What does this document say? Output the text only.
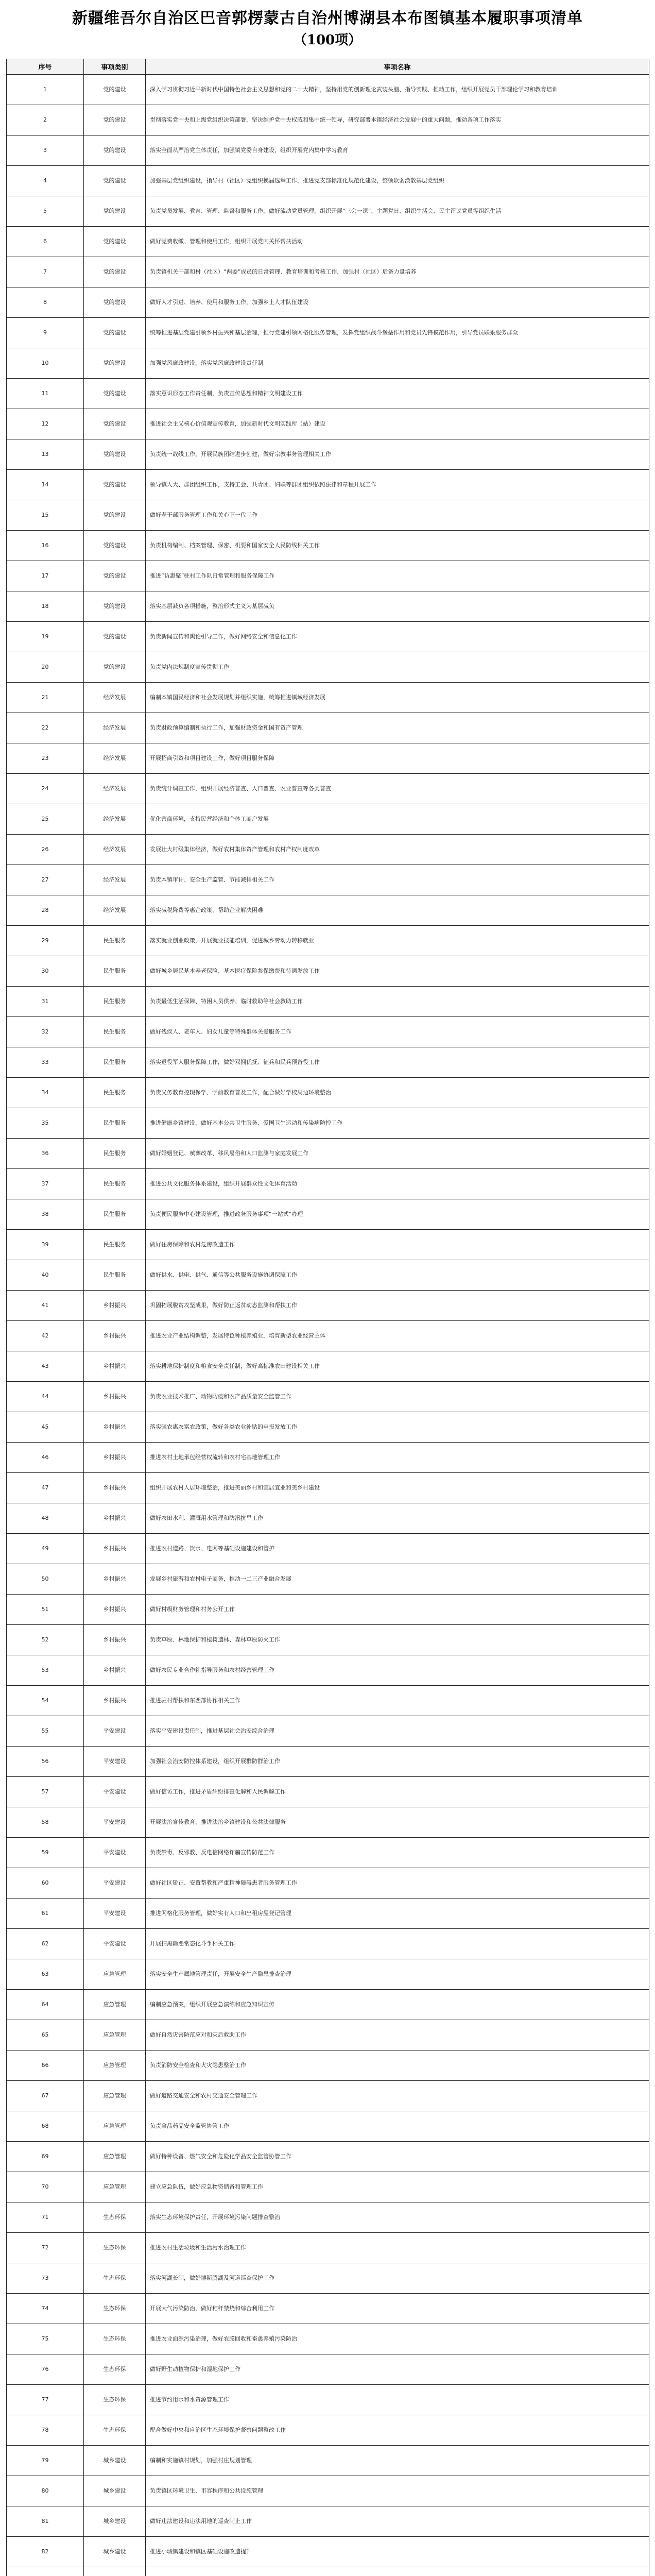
新疆维吾尔自治区巴音郭楞蒙古自治州博湖县本布图镇基本履职事项清单
（100项）
序号	事项类别	事项名称
1	党的建设	深入学习贯彻习近平新时代中国特色社会主义思想和党的二十大精神，坚持用党的创新理论武装头脑、指导实践、推动工作，组织开展党员干部理论学习和教育培训
2	党的建设	贯彻落实党中央和上级党组织决策部署，坚决维护党中央权威和集中统一领导，研究部署本镇经济社会发展中的重大问题，推动各项工作落实
3	党的建设	落实全面从严治党主体责任，加强镇党委自身建设，组织开展党内集中学习教育
4	党的建设	加强基层党组织建设，指导村（社区）党组织换届选举工作，推进党支部标准化规范化建设，整顿软弱涣散基层党组织
5	党的建设	负责党员发展、教育、管理、监督和服务工作，做好流动党员管理，组织开展“三会一课”、主题党日、组织生活会、民主评议党员等组织生活
6	党的建设	做好党费收缴、管理和使用工作，组织开展党内关怀帮扶活动
7	党的建设	负责镇机关干部和村（社区）“两委”成员的日常管理、教育培训和考核工作，加强村（社区）后备力量培养
8	党的建设	做好人才引进、培养、使用和服务工作，加强乡土人才队伍建设
9	党的建设	统筹推进基层党建引领乡村振兴和基层治理，推行党建引领网格化服务管理，发挥党组织战斗堡垒作用和党员先锋模范作用，引导党员联系服务群众
10	党的建设	加强党风廉政建设，落实党风廉政建设责任制
11	党的建设	落实意识形态工作责任制，负责宣传思想和精神文明建设工作
12	党的建设	推进社会主义核心价值观宣传教育，加强新时代文明实践所（站）建设
13	党的建设	负责统一战线工作，开展民族团结进步创建，做好宗教事务管理相关工作
14	党的建设	领导镇人大、群团组织工作，支持工会、共青团、妇联等群团组织依照法律和章程开展工作
15	党的建设	做好老干部服务管理工作和关心下一代工作
16	党的建设	负责机构编制、档案管理、保密、机要和国家安全人民防线相关工作
17	党的建设	推进“访惠聚”驻村工作队日常管理和服务保障工作
18	党的建设	落实基层减负各项措施，整治形式主义为基层减负
19	党的建设	负责新闻宣传和舆论引导工作，做好网络安全和信息化工作
20	党的建设	负责党内法规制度宣传贯彻工作
21	经济发展	编制本镇国民经济和社会发展规划并组织实施，统筹推进镇域经济发展
22	经济发展	负责财政预算编制和执行工作，加强财政资金和国有资产管理
23	经济发展	开展招商引资和项目建设工作，做好项目服务保障
24	经济发展	负责统计调查工作，组织开展经济普查、人口普查、农业普查等各类普查
25	经济发展	优化营商环境，支持民营经济和个体工商户发展
26	经济发展	发展壮大村级集体经济，做好农村集体资产管理和农村产权制度改革
27	经济发展	负责本镇审计、安全生产监管、节能减排相关工作
28	经济发展	落实减税降费等惠企政策，帮助企业解决困难
29	民生服务	落实就业创业政策，开展就业技能培训，促进城乡劳动力转移就业
30	民生服务	做好城乡居民基本养老保险、基本医疗保险参保缴费和待遇发放工作
31	民生服务	负责最低生活保障、特困人员供养、临时救助等社会救助工作
32	民生服务	做好残疾人、老年人、妇女儿童等特殊群体关爱服务工作
33	民生服务	落实退役军人服务保障工作，做好双拥优抚、征兵和民兵预备役工作
34	民生服务	负责义务教育控辍保学、学前教育普及工作，配合做好学校周边环境整治
35	民生服务	推进健康乡镇建设，做好基本公共卫生服务、爱国卫生运动和传染病防控工作
36	民生服务	做好婚姻登记、殡葬改革、移风易俗和人口监测与家庭发展工作
37	民生服务	推进公共文化服务体系建设，组织开展群众性文化体育活动
38	民生服务	负责便民服务中心建设管理，推进政务服务事项“一站式”办理
39	民生服务	做好住房保障和农村危房改造工作
40	民生服务	做好供水、供电、供气、通信等公共服务设施协调保障工作
41	乡村振兴	巩固拓展脱贫攻坚成果，做好防止返贫动态监测和帮扶工作
42	乡村振兴	推进农业产业结构调整，发展特色种植养殖业，培育新型农业经营主体
43	乡村振兴	落实耕地保护制度和粮食安全责任制，做好高标准农田建设相关工作
44	乡村振兴	负责农业技术推广、动物防疫和农产品质量安全监管工作
45	乡村振兴	落实强农惠农富农政策，做好各类农业补贴的申报发放工作
46	乡村振兴	推进农村土地承包经营权流转和农村宅基地管理工作
47	乡村振兴	组织开展农村人居环境整治，推进美丽乡村和宜居宜业和美乡村建设
48	乡村振兴	做好农田水利、灌溉用水管理和防汛抗旱工作
49	乡村振兴	推进农村道路、饮水、电网等基础设施建设和管护
50	乡村振兴	发展乡村旅游和农村电子商务，推动一二三产业融合发展
51	乡村振兴	做好村级财务管理和村务公开工作
52	乡村振兴	负责草原、林地保护和植树造林、森林草原防火工作
53	乡村振兴	做好农民专业合作社指导服务和农村经营管理工作
54	乡村振兴	推进驻村帮扶和东西部协作相关工作
55	平安建设	落实平安建设责任制，推进基层社会治安综合治理
56	平安建设	加强社会治安防控体系建设，组织开展群防群治工作
57	平安建设	做好信访工作，推进矛盾纠纷排查化解和人民调解工作
58	平安建设	开展法治宣传教育，推进法治乡镇建设和公共法律服务
59	平安建设	负责禁毒、反邪教、反电信网络诈骗宣传防范工作
60	平安建设	做好社区矫正、安置帮教和严重精神障碍患者服务管理工作
61	平安建设	推进网格化服务管理，做好实有人口和出租房屋登记管理
62	平安建设	开展扫黑除恶常态化斗争相关工作
63	应急管理	落实安全生产属地管理责任，开展安全生产隐患排查治理
64	应急管理	编制应急预案，组织开展应急演练和应急知识宣传
65	应急管理	做好自然灾害防范应对和灾后救助工作
66	应急管理	负责消防安全检查和火灾隐患整治工作
67	应急管理	做好道路交通安全和农村交通安全管理工作
68	应急管理	负责食品药品安全监管协管工作
69	应急管理	做好特种设备、燃气安全和危险化学品安全监管协管工作
70	应急管理	建立应急队伍，做好应急物资储备和管理工作
71	生态环保	落实生态环境保护责任，开展环境污染问题排查整治
72	生态环保	推进农村生活垃圾和生活污水治理工作
73	生态环保	落实河湖长制，做好博斯腾湖及河道巡查保护工作
74	生态环保	开展大气污染防治，做好秸秆禁烧和综合利用工作
75	生态环保	推进农业面源污染治理，做好农膜回收和畜禽养殖污染防治
76	生态环保	做好野生动植物保护和湿地保护工作
77	生态环保	推进节约用水和水资源管理工作
78	生态环保	配合做好中央和自治区生态环境保护督察问题整改工作
79	城乡建设	编制和实施镇村规划，加强村庄规划管理
80	城乡建设	负责镇区环境卫生、市容秩序和公共设施管理
81	城乡建设	做好违法建设和违法用地的巡查制止工作
82	城乡建设	推进小城镇建设和镇区基础设施改造提升
